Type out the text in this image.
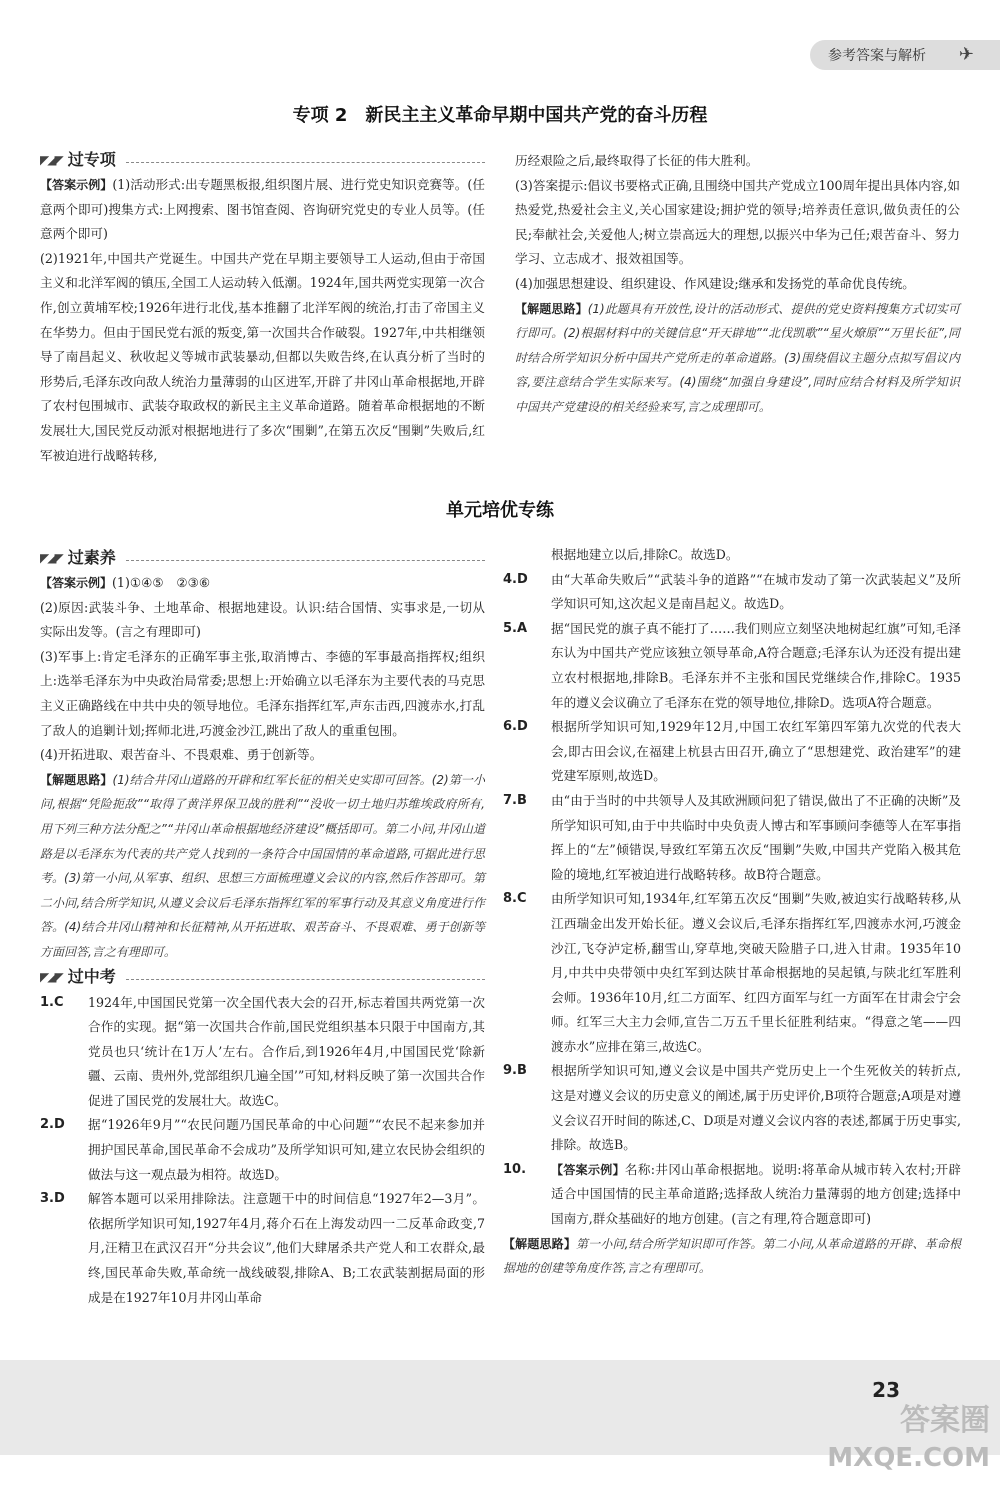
参考答案与解析 ✈
专项 2　新民主主义革命早期中国共产党的奋斗历程
◤◢◤ 过专项

【答案示例】(1)活动形式:出专题黑板报,组织图片展、进行党史知识竞赛等。(任意两个即可)搜集方式:上网搜索、图书馆查阅、咨询研究党史的专业人员等。(任意两个即可)

(2)1921年,中国共产党诞生。中国共产党在早期主要领导工人运动,但由于帝国主义和北洋军阀的镇压,全国工人运动转入低潮。1924年,国共两党实现第一次合作,创立黄埔军校;1926年进行北伐,基本推翻了北洋军阀的统治,打击了帝国主义在华势力。但由于国民党右派的叛变,第一次国共合作破裂。1927年,中共相继领导了南昌起义、秋收起义等城市武装暴动,但都以失败告终,在认真分析了当时的形势后,毛泽东改向敌人统治力量薄弱的山区进军,开辟了井冈山革命根据地,开辟了农村包围城市、武装夺取政权的新民主主义革命道路。随着革命根据地的不断发展壮大,国民党反动派对根据地进行了多次“围剿”,在第五次反“围剿”失败后,红军被迫进行战略转移,

历经艰险之后,最终取得了长征的伟大胜利。

(3)答案提示:倡议书要格式正确,且围绕中国共产党成立100周年提出具体内容,如热爱党,热爱社会主义,关心国家建设;拥护党的领导;培养责任意识,做负责任的公民;奉献社会,关爱他人;树立崇高远大的理想,以振兴中华为己任;艰苦奋斗、努力学习、立志成才、报效祖国等。

(4)加强思想建设、组织建设、作风建设;继承和发扬党的革命优良传统。

【解题思路】(1)此题具有开放性,设计的活动形式、提供的党史资料搜集方式切实可行即可。(2)根据材料中的关键信息“开天辟地”“北伐凯歌”“星火燎原”“万里长征”,同时结合所学知识分析中国共产党所走的革命道路。(3)围绕倡议主题分点拟写倡议内容,要注意结合学生实际来写。(4)围绕“加强自身建设”,同时应结合材料及所学知识中国共产党建设的相关经验来写,言之成理即可。

单元培优专练
◤◢◤ 过素养

【答案示例】(1)①④⑤　②③⑥

(2)原因:武装斗争、土地革命、根据地建设。认识:结合国情、实事求是,一切从实际出发等。(言之有理即可)

(3)军事上:肯定毛泽东的正确军事主张,取消博古、李德的军事最高指挥权;组织上:选举毛泽东为中央政治局常委;思想上:开始确立以毛泽东为主要代表的马克思主义正确路线在中共中央的领导地位。毛泽东指挥红军,声东击西,四渡赤水,打乱了敌人的追剿计划;挥师北进,巧渡金沙江,跳出了敌人的重重包围。

(4)开拓进取、艰苦奋斗、不畏艰难、勇于创新等。

【解题思路】(1)结合井冈山道路的开辟和红军长征的相关史实即可回答。(2)第一小问,根据“凭险扼敌”“取得了黄洋界保卫战的胜利”“没收一切土地归苏维埃政府所有,用下列三种方法分配之”“井冈山革命根据地经济建设”概括即可。第二小问,井冈山道路是以毛泽东为代表的共产党人找到的一条符合中国国情的革命道路,可据此进行思考。(3)第一小问,从军事、组织、思想三方面梳理遵义会议的内容,然后作答即可。第二小问,结合所学知识,从遵义会议后毛泽东指挥红军的军事行动及其意义角度进行作答。(4)结合井冈山精神和长征精神,从开拓进取、艰苦奋斗、不畏艰难、勇于创新等方面回答,言之有理即可。

◤◢◤ 过中考
1.C	1924年,中国国民党第一次全国代表大会的召开,标志着国共两党第一次合作的实现。据“第一次国共合作前,国民党组织基本只限于中国南方,其党员也只‘统计在1万人’左右。合作后,到1926年4月,中国国民党‘除新疆、云南、贵州外,党部组织几遍全国’”可知,材料反映了第一次国共合作促进了国民党的发展壮大。故选C。
2.D	据“1926年9月”“农民问题乃国民革命的中心问题”“农民不起来参加并拥护国民革命,国民革命不会成功”及所学知识可知,建立农民协会组织的做法与这一观点最为相符。故选D。
3.D	解答本题可以采用排除法。注意题干中的时间信息“1927年2—3月”。依据所学知识可知,1927年4月,蒋介石在上海发动四一二反革命政变,7月,汪精卫在武汉召开“分共会议”,他们大肆屠杀共产党人和工农群众,最终,国民革命失败,革命统一战线破裂,排除A、B;工农武装割据局面的形成是在1927年10月井冈山革命
根据地建立以后,排除C。故选D。
4.D	由“大革命失败后”“武装斗争的道路”“在城市发动了第一次武装起义”及所学知识可知,这次起义是南昌起义。故选D。
5.A	据“国民党的旗子真不能打了……我们则应立刻坚决地树起红旗”可知,毛泽东认为中国共产党应该独立领导革命,A符合题意;毛泽东认为还没有提出建立农村根据地,排除B。毛泽东并不主张和国民党继续合作,排除C。1935年的遵义会议确立了毛泽东在党的领导地位,排除D。选项A符合题意。
6.D	根据所学知识可知,1929年12月,中国工农红军第四军第九次党的代表大会,即古田会议,在福建上杭县古田召开,确立了“思想建党、政治建军”的建党建军原则,故选D。
7.B	由“由于当时的中共领导人及其欧洲顾问犯了错误,做出了不正确的决断”及所学知识可知,由于中共临时中央负责人博古和军事顾问李德等人在军事指挥上的“左”倾错误,导致红军第五次反“围剿”失败,中国共产党陷入极其危险的境地,红军被迫进行战略转移。故B符合题意。
8.C	由所学知识可知,1934年,红军第五次反“围剿”失败,被迫实行战略转移,从江西瑞金出发开始长征。遵义会议后,毛泽东指挥红军,四渡赤水河,巧渡金沙江,飞夺泸定桥,翻雪山,穿草地,突破天险腊子口,进入甘肃。1935年10月,中共中央带领中央红军到达陕甘革命根据地的吴起镇,与陕北红军胜利会师。1936年10月,红二方面军、红四方面军与红一方面军在甘肃会宁会师。红军三大主力会师,宣告二万五千里长征胜利结束。“得意之笔——四渡赤水”应排在第三,故选C。
9.B	根据所学知识可知,遵义会议是中国共产党历史上一个生死攸关的转折点,这是对遵义会议的历史意义的阐述,属于历史评价,B项符合题意;A项是对遵义会议召开时间的陈述,C、D项是对遵义会议内容的表述,都属于历史事实,排除。故选B。
10.	【答案示例】名称:井冈山革命根据地。说明:将革命从城市转入农村;开辟适合中国国情的民主革命道路;选择敌人统治力量薄弱的地方创建;选择中国南方,群众基础好的地方创建。(言之有理,符合题意即可)

【解题思路】第一小问,结合所学知识即可作答。第二小问,从革命道路的开辟、革命根据地的创建等角度作答,言之有理即可。

23
答案圈
MXQE.COM
